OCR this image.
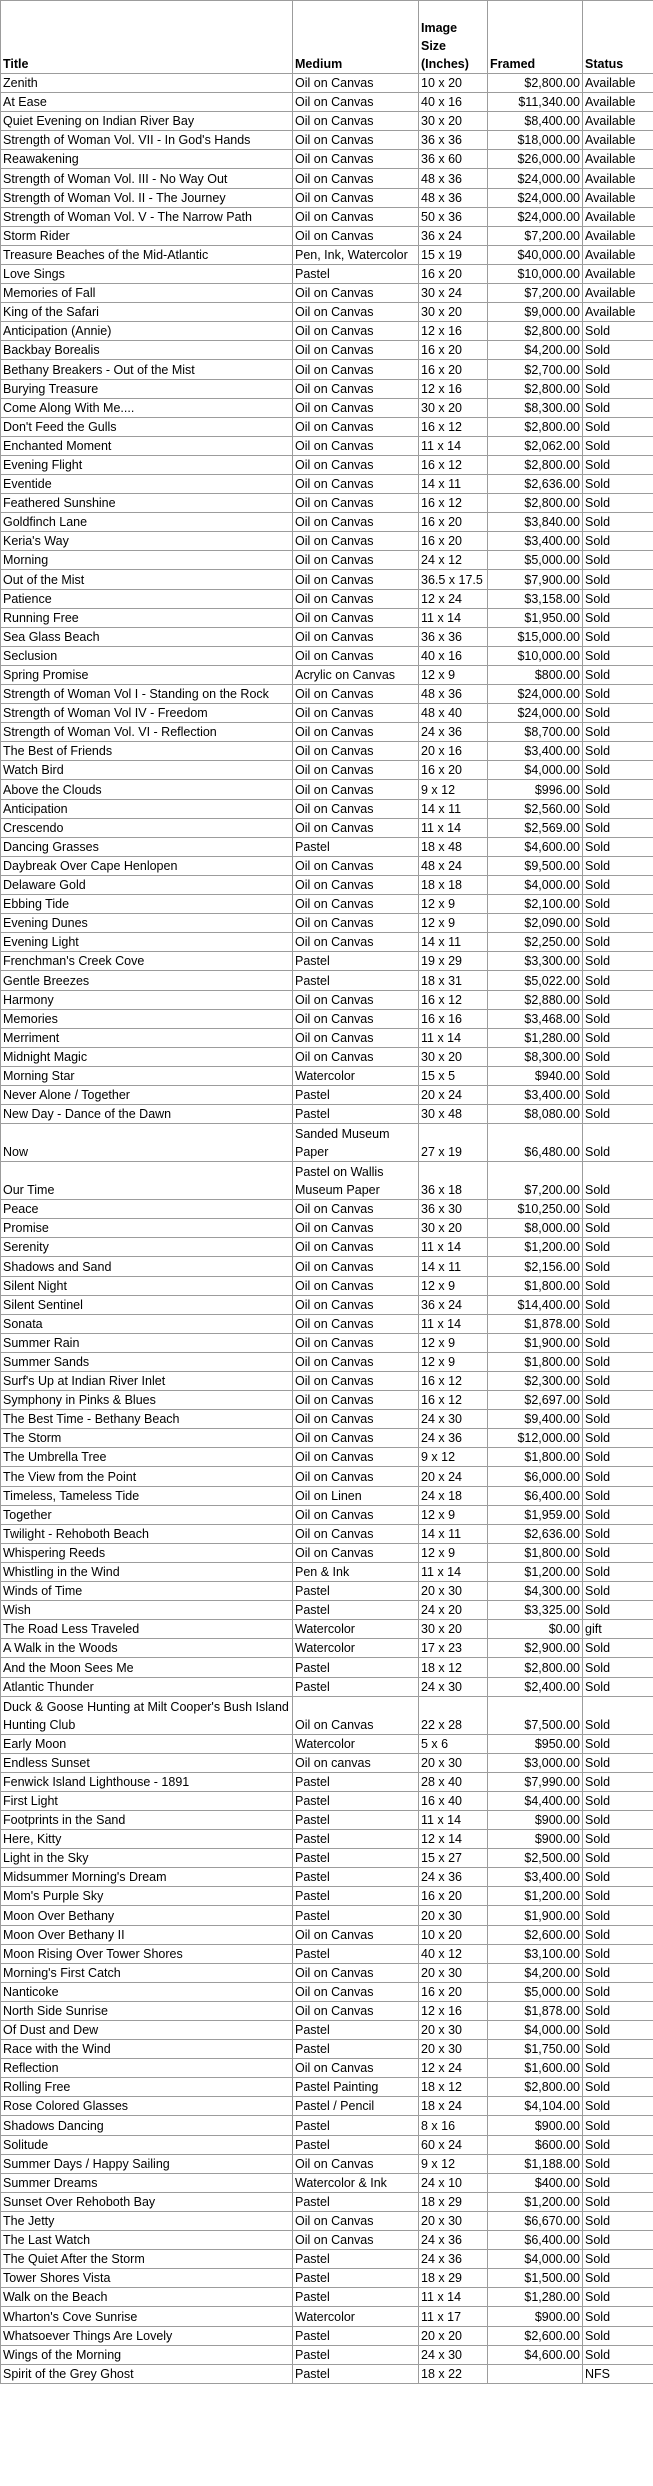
Title	Medium	Image Size (Inches)	Framed	Status
Zenith	Oil on Canvas	10 x 20	$2,800.00	Available
At Ease	Oil on Canvas	40 x 16	$11,340.00	Available
Quiet Evening on Indian River Bay	Oil on Canvas	30 x 20	$8,400.00	Available
Strength of Woman Vol. VII - In God's Hands	Oil on Canvas	36 x 36	$18,000.00	Available
Reawakening	Oil on Canvas	36 x 60	$26,000.00	Available
Strength of Woman Vol. III - No Way Out	Oil on Canvas	48 x 36	$24,000.00	Available
Strength of Woman Vol. II - The Journey	Oil on Canvas	48 x 36	$24,000.00	Available
Strength of Woman Vol. V - The Narrow Path	Oil on Canvas	50 x 36	$24,000.00	Available
Storm Rider	Oil on Canvas	36 x 24	$7,200.00	Available
Treasure Beaches of the Mid-Atlantic	Pen, Ink, Watercolor	15 x 19	$40,000.00	Available
Love Sings	Pastel	16 x 20	$10,000.00	Available
Memories of Fall	Oil on Canvas	30 x 24	$7,200.00	Available
King of the Safari	Oil on Canvas	30 x 20	$9,000.00	Available
Anticipation (Annie)	Oil on Canvas	12 x 16	$2,800.00	Sold
Backbay Borealis	Oil on Canvas	16 x 20	$4,200.00	Sold
Bethany Breakers - Out of the Mist	Oil on Canvas	16 x 20	$2,700.00	Sold
Burying Treasure	Oil on Canvas	12 x 16	$2,800.00	Sold
Come Along With Me....	Oil on Canvas	30 x 20	$8,300.00	Sold
Don't Feed the Gulls	Oil on Canvas	16 x 12	$2,800.00	Sold
Enchanted Moment	Oil on Canvas	11 x 14	$2,062.00	Sold
Evening Flight	Oil on Canvas	16 x 12	$2,800.00	Sold
Eventide	Oil on Canvas	14 x 11	$2,636.00	Sold
Feathered Sunshine	Oil on Canvas	16 x 12	$2,800.00	Sold
Goldfinch Lane	Oil on Canvas	16 x 20	$3,840.00	Sold
Keria's Way	Oil on Canvas	16 x 20	$3,400.00	Sold
Morning	Oil on Canvas	24 x 12	$5,000.00	Sold
Out of the Mist	Oil on Canvas	36.5 x 17.5	$7,900.00	Sold
Patience	Oil on Canvas	12 x 24	$3,158.00	Sold
Running Free	Oil on Canvas	11 x 14	$1,950.00	Sold
Sea Glass Beach	Oil on Canvas	36 x 36	$15,000.00	Sold
Seclusion	Oil on Canvas	40 x 16	$10,000.00	Sold
Spring Promise	Acrylic on Canvas	12 x 9	$800.00	Sold
Strength of Woman Vol I - Standing on the Rock	Oil on Canvas	48 x 36	$24,000.00	Sold
Strength of Woman Vol IV - Freedom	Oil on Canvas	48 x 40	$24,000.00	Sold
Strength of Woman Vol. VI - Reflection	Oil on Canvas	24 x 36	$8,700.00	Sold
The Best of Friends	Oil on Canvas	20 x 16	$3,400.00	Sold
Watch Bird	Oil on Canvas	16 x 20	$4,000.00	Sold
Above the Clouds	Oil on Canvas	9 x 12	$996.00	Sold
Anticipation	Oil on Canvas	14 x 11	$2,560.00	Sold
Crescendo	Oil on Canvas	11 x 14	$2,569.00	Sold
Dancing Grasses	Pastel	18 x 48	$4,600.00	Sold
Daybreak Over Cape Henlopen	Oil on Canvas	48 x 24	$9,500.00	Sold
Delaware Gold	Oil on Canvas	18 x 18	$4,000.00	Sold
Ebbing Tide	Oil on Canvas	12 x 9	$2,100.00	Sold
Evening Dunes	Oil on Canvas	12 x 9	$2,090.00	Sold
Evening Light	Oil on Canvas	14 x 11	$2,250.00	Sold
Frenchman's Creek Cove	Pastel	19 x 29	$3,300.00	Sold
Gentle Breezes	Pastel	18 x 31	$5,022.00	Sold
Harmony	Oil on Canvas	16 x 12	$2,880.00	Sold
Memories	Oil on Canvas	16 x 16	$3,468.00	Sold
Merriment	Oil on Canvas	11 x 14	$1,280.00	Sold
Midnight Magic	Oil on Canvas	30 x 20	$8,300.00	Sold
Morning Star	Watercolor	15 x 5	$940.00	Sold
Never Alone / Together	Pastel	20 x 24	$3,400.00	Sold
New Day - Dance of the Dawn	Pastel	30 x 48	$8,080.00	Sold
Now	Sanded Museum Paper	27 x 19	$6,480.00	Sold
Our Time	Pastel on Wallis Museum Paper	36 x 18	$7,200.00	Sold
Peace	Oil on Canvas	36 x 30	$10,250.00	Sold
Promise	Oil on Canvas	30 x 20	$8,000.00	Sold
Serenity	Oil on Canvas	11 x 14	$1,200.00	Sold
Shadows and Sand	Oil on Canvas	14 x 11	$2,156.00	Sold
Silent Night	Oil on Canvas	12 x 9	$1,800.00	Sold
Silent Sentinel	Oil on Canvas	36 x 24	$14,400.00	Sold
Sonata	Oil on Canvas	11 x 14	$1,878.00	Sold
Summer Rain	Oil on Canvas	12 x 9	$1,900.00	Sold
Summer Sands	Oil on Canvas	12 x 9	$1,800.00	Sold
Surf's Up at Indian River Inlet	Oil on Canvas	16 x 12	$2,300.00	Sold
Symphony in Pinks & Blues	Oil on Canvas	16 x 12	$2,697.00	Sold
The Best Time - Bethany Beach	Oil on Canvas	24 x 30	$9,400.00	Sold
The Storm	Oil on Canvas	24 x 36	$12,000.00	Sold
The Umbrella Tree	Oil on Canvas	9 x 12	$1,800.00	Sold
The View from the Point	Oil on Canvas	20 x 24	$6,000.00	Sold
Timeless, Tameless Tide	Oil on Linen	24 x 18	$6,400.00	Sold
Together	Oil on Canvas	12 x 9	$1,959.00	Sold
Twilight - Rehoboth Beach	Oil on Canvas	14 x 11	$2,636.00	Sold
Whispering Reeds	Oil on Canvas	12 x 9	$1,800.00	Sold
Whistling in the Wind	Pen & Ink	11 x 14	$1,200.00	Sold
Winds of Time	Pastel	20 x 30	$4,300.00	Sold
Wish	Pastel	24 x 20	$3,325.00	Sold
The Road Less Traveled	Watercolor	30 x 20	$0.00	gift
A Walk in the Woods	Watercolor	17 x 23	$2,900.00	Sold
And the Moon Sees Me	Pastel	18 x 12	$2,800.00	Sold
Atlantic Thunder	Pastel	24 x 30	$2,400.00	Sold
Duck & Goose Hunting at Milt Cooper's Bush Island Hunting Club	Oil on Canvas	22 x 28	$7,500.00	Sold
Early Moon	Watercolor	5 x 6	$950.00	Sold
Endless Sunset	Oil on canvas	20 x 30	$3,000.00	Sold
Fenwick Island Lighthouse - 1891	Pastel	28 x 40	$7,990.00	Sold
First Light	Pastel	16 x 40	$4,400.00	Sold
Footprints in the Sand	Pastel	11 x 14	$900.00	Sold
Here, Kitty	Pastel	12 x 14	$900.00	Sold
Light in the Sky	Pastel	15 x 27	$2,500.00	Sold
Midsummer Morning's Dream	Pastel	24 x 36	$3,400.00	Sold
Mom's Purple Sky	Pastel	16 x 20	$1,200.00	Sold
Moon Over Bethany	Pastel	20 x 30	$1,900.00	Sold
Moon Over Bethany II	Oil on Canvas	10 x 20	$2,600.00	Sold
Moon Rising Over Tower Shores	Pastel	40 x 12	$3,100.00	Sold
Morning's First Catch	Oil on Canvas	20 x 30	$4,200.00	Sold
Nanticoke	Oil on Canvas	16 x 20	$5,000.00	Sold
North Side Sunrise	Oil on Canvas	12 x 16	$1,878.00	Sold
Of Dust and Dew	Pastel	20 x 30	$4,000.00	Sold
Race with the Wind	Pastel	20 x 30	$1,750.00	Sold
Reflection	Oil on Canvas	12 x 24	$1,600.00	Sold
Rolling Free	Pastel Painting	18 x 12	$2,800.00	Sold
Rose Colored Glasses	Pastel / Pencil	18 x 24	$4,104.00	Sold
Shadows Dancing	Pastel	8 x 16	$900.00	Sold
Solitude	Pastel	60 x 24	$600.00	Sold
Summer Days / Happy Sailing	Oil on Canvas	9 x 12	$1,188.00	Sold
Summer Dreams	Watercolor & Ink	24 x 10	$400.00	Sold
Sunset Over Rehoboth Bay	Pastel	18 x 29	$1,200.00	Sold
The Jetty	Oil on Canvas	20 x 30	$6,670.00	Sold
The Last Watch	Oil on Canvas	24 x 36	$6,400.00	Sold
The Quiet After the Storm	Pastel	24 x 36	$4,000.00	Sold
Tower Shores Vista	Pastel	18 x 29	$1,500.00	Sold
Walk on the Beach	Pastel	11 x 14	$1,280.00	Sold
Wharton's Cove Sunrise	Watercolor	11 x 17	$900.00	Sold
Whatsoever Things Are Lovely	Pastel	20 x 20	$2,600.00	Sold
Wings of the Morning	Pastel	24 x 30	$4,600.00	Sold
Spirit of the Grey Ghost	Pastel	18 x 22		NFS
